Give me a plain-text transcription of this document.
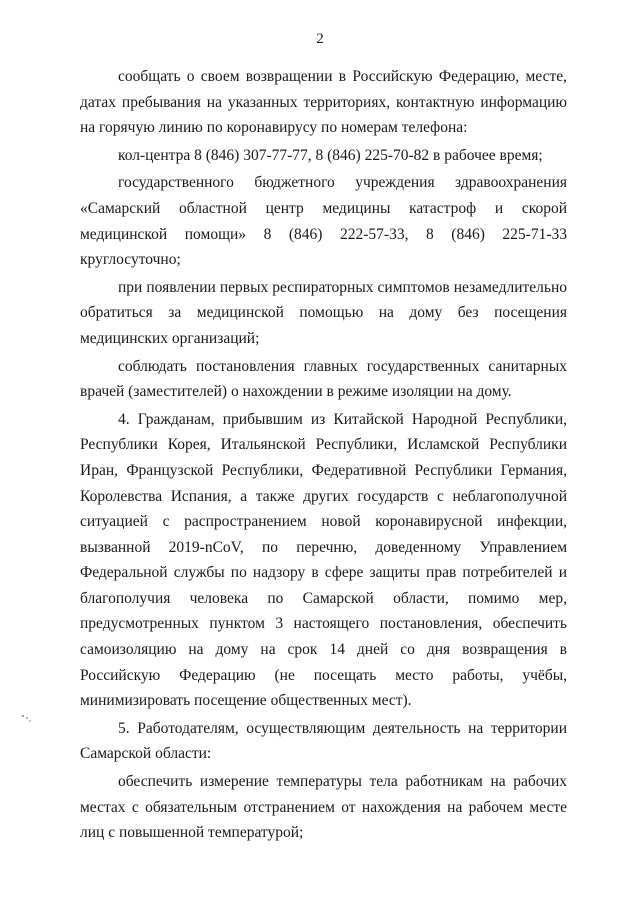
2

сообщать о своем возвращении в Российскую Федерацию, месте, датах пребывания на указанных территориях, контактную информацию на горячую линию по коронавирусу по номерам телефона:

кол-центра 8 (846) 307-77-77, 8 (846) 225-70-82 в рабочее время;

государственного бюджетного учреждения здравоохранения «Самарский областной центр медицины катастроф и скорой медицинской помощи» 8 (846) 222-57-33, 8 (846) 225-71-33 круглосуточно;

при появлении первых респираторных симптомов незамедлительно обратиться за медицинской помощью на дому без посещения медицинских организаций;

соблюдать постановления главных государственных санитарных врачей (заместителей) о нахождении в режиме изоляции на дому.

4. Гражданам, прибывшим из Китайской Народной Республики, Республики Корея, Итальянской Республики, Исламской Республики Иран, Французской Республики, Федеративной Республики Германия, Королевства Испания, а также других государств с неблагополучной ситуацией с распространением новой коронавирусной инфекции, вызванной 2019-nCoV, по перечню, доведенному Управлением Федеральной службы по надзору в сфере защиты прав потребителей и благополучия человека по Самарской области, помимо мер, предусмотренных пунктом 3 настоящего постановления, обеспечить самоизоляцию на дому на срок 14 дней со дня возвращения в Российскую Федерацию (не посещать место работы, учёбы, минимизировать посещение общественных мест).

5. Работодателям, осуществляющим деятельность на территории Самарской области:

обеспечить измерение температуры тела работникам на рабочих местах с обязательным отстранением от нахождения на рабочем месте лиц с повышенной температурой;
